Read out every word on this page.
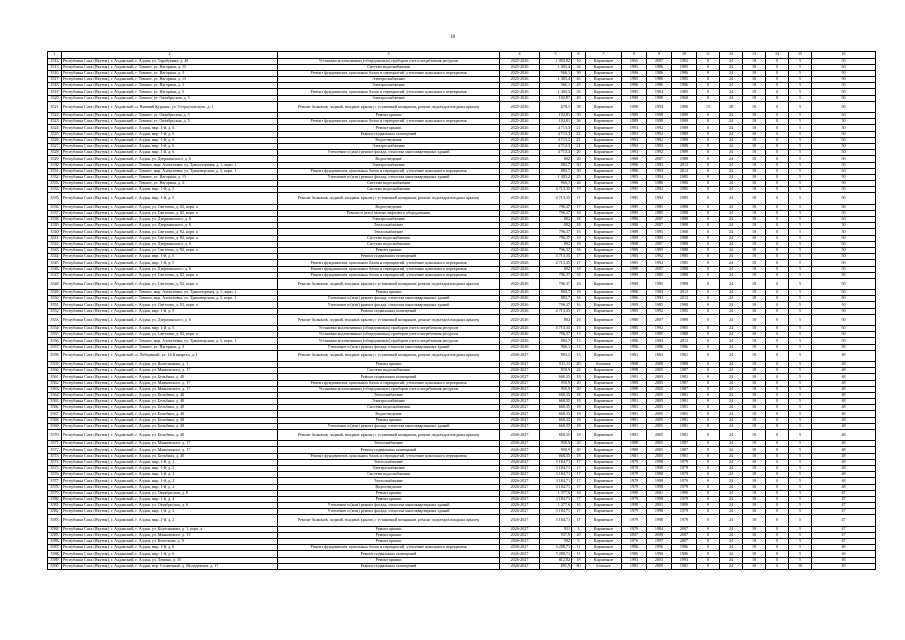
18
1	2	3	4	5	6	7	8	9	10	11	12	13	14	15	16
3514	Республика Саха (Якутия), г. Алданский, г. Алдан, ул. Тарабукина, д. 48	Установка коллективных (общедомовых) приборов учета потребления ресурсов	2025-2026	1 003,82	10	Кирпичное	1965	2007	1965	0	24	18	0	5	50
3515	Республика Саха (Якутия), г. Алданский, г. Томмот, ул. Нагорная, д. 15	Система водоснабжения	2025-2026	1 403,4	34	Кирпичное	1985	1986	1985	0	24	18	0	5	50
3516	Республика Саха (Якутия), г. Алданский, г. Томмот, ул. Нагорная, д. 3	Ремонт фундаментов, цокольных балок и перекрытий, утепление цокольного перекрытия	2025-2026	966,1	39	Кирпичное	1986	1986	1986	0	24	18	0	5	50
3517	Республика Саха (Якутия), г. Алданский, г. Томмот, ул. Нагорная, д. 15	Электроснабжение	2025-2026	1 403,4	45	Кирпичное	1985	1986	1985	0	24	18	0	5	50
3518	Республика Саха (Якутия), г. Алданский, г. Томмот, ул. Нагорная, д. 3	Электроснабжение	2025-2026	966,1	45	Кирпичное	1986	1986	1986	0	24	18	0	5	50
3519	Республика Саха (Якутия), г. Алданский, г. Томмот, ул. Нагорная, д. 5	Ремонт фундаментов, цокольных балок и перекрытий, утепление цокольного перекрытия	2025-2026	1 403,2	35	Кирпичное	1985	1994	1985	0	24	18	0	5	50
3520	Республика Саха (Якутия), г. Алданский, г. Томмот, ул. Октябрьская, д. 5	Электроснабжение	2025-2026	192,81	49	Кирпичное	1989	1998	1968	0	24	18	0	5	50
3521	Республика Саха (Якутия), г. Алданский, п. Нижний Куранах, ул. Остроуховского, д. 1	Ремонт балконов, лоджий, входных крылец с установкой козырьков, ремонт подъездов входных крылец	2025-2026	678,3	38	Кирпичное	1990	1993	1990	15	28	18	0	5	50
3522	Республика Саха (Якутия), г. Алданский, г. Томмот, ул. Октябрьская, д. 5	Ремонт крыши	2025-2026	192,81	30	Кирпичное	1989	1998	1989	0	24	18	0	5	50
3523	Республика Саха (Якутия), г. Алданский, г. Томмот, ул. Октябрьская, д. 5	Ремонт фундаментов, цокольных балок и перекрытий, утепление цокольного перекрытия	2025-2026	192,81	36	Кирпичное	1989	1998	1989	0	24	18	0	5	50
3524	Республика Саха (Якутия), г. Алданский, г. Алдан, мкр. 1-й, д. 6	Ремонт крыши	2025-2026	4 713,3	21	Кирпичное	1993	1992	1989	0	24	18	0	5	50
3525	Республика Саха (Якутия), г. Алданский, г. Алдан, мкр. 1-й, д. 6	Ремонт подвальных помещений	2025-2026	4 713,3	22	Кирпичное	1993	1992	1989	0	24	18	0	5	50
3526	Республика Саха (Якутия), г. Алданский, г. Алдан, мкр. 1-й, д. 6	Водоотведение	2025-2026	4 713,3	21	Кирпичное	1993	1992	1989	0	24	18	0	5	50
3527	Республика Саха (Якутия), г. Алданский, г. Алдан, мкр. 1-й, д. 6	Электроснабжение	2025-2026	4 713,3	21	Кирпичное	1993	1992	1989	0	24	18	0	5	50
3528	Республика Саха (Якутия), г. Алданский, г. Алдан, мкр. 1-й, д. 6	Утепление и (или) ремонт фасада, отмостка многоквартирных зданий	2025-2026	4 713,3	20	Кирпичное	1993	1992	1989	0	24	18	0	5	50
3529	Республика Саха (Якутия), г. Алданский, г. Алдан, ул. Дзержинского, д. 6	Водоотведение	2025-2026	802	20	Кирпичное	1988	2007	1988	0	24	18	0	5	50
3530	Республика Саха (Якутия), г. Алданский, г. Томмот, мкр. Алексеевка, ул. Транспортная, д. 5, корп. 1	Электроснабжение	2025-2026	884,7	30	Кирпичное	1986	1983	2013	0	24	18	0	5	50
3531	Республика Саха (Якутия), г. Алданский, г. Томмот, мкр. Алексеевка, ул. Трансверсная, д. 5, корп. 1	Ремонт фундаментов, цокольных балок и перекрытий, утепление цокольного перекрытия	2025-2026	884,7	30	Кирпичное	1986	1993	2013	0	24	18	0	5	50
3532	Республика Саха (Якутия), г. Алданский, г. Томмот, ул. Нагорная, д. 15	Утепление и (или) ремонт фасада, отмостка многоквартирных зданий	2025-2026	1 403,2	25	Кирпичное	1985	1994	1985	0	24	18	0	5	50
3533	Республика Саха (Якутия), г. Алданский, г. Томмот, ул. Нагорная, д. 3	Система водоснабжения	2025-2026	966,1	26	Кирпичное	1986	1986	1986	0	24	18	0	5	50
3534	Республика Саха (Якутия), г. Алданский, г. Алдан, мкр. 1-й, д. 5	Система водоснабжения	2025-2026	4 713,35	19	Кирпичное	1985	1992	1985	0	24	18	0	5	50
3535	Республика Саха (Якутия), г. Алданский, г. Алдан, мкр. 1-й, д. 5	Ремонт балконов, лоджий, входных крылец с установкой козырьков, ремонт подъездов входных крылец	2025-2026	4 713,35	17	Кирпичное	1985	1992	1985	0	24	18	0	5	50
3536	Республика Саха (Якутия), г. Алданский, г. Алдан, ул. Светлова, д. 82, корп. а	Водоотведение	2025-2026	796,37	17	Кирпичное	1989	1985	1988	0	24	18	0	5	50
3537	Республика Саха (Якутия), г. Алданский, г. Алдан, ул. Светлова, д. 82, корп. а	Ремонт и (или) замена лифтового оборудования	2025-2026	796,37	16	Кирпичное	1989	1985	1988	0	24	18	0	5	50
3538	Республика Саха (Якутия), г. Алданский, г. Алдан, ул. Дзержинского, д. 6	Электроснабжение	2025-2026	802	18	Кирпичное	1988	2007	1988	0	24	18	0	5	50
3539	Республика Саха (Якутия), г. Алданский, г. Алдан, ул. Дзержинского, д. 6	Теплоснабжение	2025-2026	802	18	Кирпичное	1988	2007	1988	0	24	18	0	5	50
3540	Республика Саха (Якутия), г. Алданский, г. Алдан, ул. Светлова, д. 82, корп. а	Теплоснабжение	2025-2026	796,37	16	Кирпичное	1989	1985	1988	0	24	18	0	5	50
3541	Республика Саха (Якутия), г. Алданский, г. Алдан, ул. Светлова, д. 82, корп. а	Система водоснабжения	2025-2026	796,37	16	Кирпичное	1989	1985	1988	0	24	18	0	5	50
3542	Республика Саха (Якутия), г. Алданский, г. Алдан, ул. Дзержинского, д. 6	Система водоснабжения	2025-2026	802	16	Кирпичное	1988	2007	1988	0	24	18	0	5	50
3543	Республика Саха (Якутия), г. Алданский, г. Алдан, ул. Светлова, д. 82, корп. а	Ремонт крыши	2025-2026	796,37	16	Кирпичное	1989	1985	1988	0	24	18	0	5	50
3544	Республика Саха (Якутия), г. Алданский, г. Алдан, мкр. 1-й, д. 5	Ремонт подвальных помещений	2025-2026	4 713,35	17	Кирпичное	1985	1992	1985	0	24	18	0	5	50
3545	Республика Саха (Якутия), г. Алданский, г. Алдан, мкр. 1-й, д. 5	Ремонт фундаментов, цокольных балок и перекрытий, утепление цокольного перекрытия	2025-2026	4 713,35	17	Кирпичное	1985	1992	1985	0	24	18	0	5	50
3546	Республика Саха (Якутия), г. Алданский, г. Алдан, ул. Дзержинского, д. 6	Ремонт фундаментов, цокольных балок и перекрытий, утепление цокольного перекрытия	2025-2026	802	18	Кирпичное	1988	2007	1988	0	24	18	0	5	50
3547	Республика Саха (Якутия), г. Алданский, г. Алдан, ул. Светлова, д. 82, корп. а	Ремонт фундаментов, цокольных балок и перекрытий, утепление цокольного перекрытия	2025-2026	796,37	16	Кирпичное	1989	1985	1988	0	24	18	0	5	50
3548	Республика Саха (Якутия), г. Алданский, г. Алдан, ул. Светлова, д. 82, корп. а	Ремонт балконов, лоджий, входных крылец с установкой козырьков, ремонт подъездов входных крылец	2025-2026	796,37	16	Кирпичное	1989	1985	1988	0	24	18	0	5	50
3549	Республика Саха (Якутия), г. Алданский, г. Томмот, мкр. Алексеевка, ул. Транспортная, д. 5, корп. 1	Ремонт крыши	2025-2026	884,7	16	Кирпичное	1986	1983	2013	0	24	18	0	5	50
3550	Республика Саха (Якутия), г. Алданский, г. Томмот, мкр. Алексеевка, ул. Трансверсная, д. 5, корп. 1	Утепление и (или) ремонт фасада, отмостка многоквартирных зданий	2025-2026	884,7	16	Кирпичное	1986	1993	2013	0	24	18	0	5	50
3551	Республика Саха (Якутия), г. Алданский, г. Алдан, ул. Светлова, д. 82, корп. а	Утепление и (или) ремонт фасада, отмостка многоквартирных зданий	2025-2026	796,37	16	Кирпичное	1989	1985	1988	0	24	18	0	5	50
3552	Республика Саха (Якутия), г. Алданский, г. Алдан, мкр. 1-й, д. 5	Ремонт подвальных помещений	2025-2026	4 713,35	17	Кирпичное	1985	1992	1985	0	24	18	0	5	50
3553	Республика Саха (Якутия), г. Алданский, г. Алдан, ул. Дзержинского, д. 6	Ремонт балконов, лоджий, входных крылец с установкой козырьков, ремонт подъездов входных крылец	2025-2026	802	16	Кирпичное	1988	2007	1988	0	24	18	0	5	50
3554	Республика Саха (Якутия), г. Алданский, г. Алдан, мкр. 1-й, д. 5	Установка коллективных (общедомовых) приборов учета потребления ресурсов	2025-2026	4 713,35	15	Кирпичное	1985	1992	1985	0	24	18	0	5	50
3555	Республика Саха (Якутия), г. Алданский, г. Алдан, ул. Светлова, д. 82, корп. а	Установка коллективных (общедомовых) приборов учета потребления ресурсов	2025-2026	796,37	13	Кирпичное	1989	1985	1988	0	24	18	0	5	50
3556	Республика Саха (Якутия), г. Алданский, г. Томмот, мкр. Алексеевка, ул. Трансверсная, д. 5, корп. 1	Установка коллективных (общедомовых) приборов учета потребления ресурсов	2025-2026	884,7	13	Кирпичное	1986	1993	2013	0	24	18	0	5	50
3557	Республика Саха (Якутия), г. Алданский, г. Томмот, ул. Нагорная, д. 3	Утепление и (или) ремонт фасада, отмостка многоквартирных зданий	2025-2026	966,1	13	Кирпичное	1986	1986	1986	0	24	18	0	5	50
3558	Республика Саха (Якутия), г. Алданский, п. Лебединый, ул. 14-й квартал, д. 1	Ремонт балконов, лоджий, входных крылец с установкой козырьков, ремонт подъездов входных крылец	2026-2027	993,2	15	Кирпичное	1961	1963	1961	0	24	18	0	5	49
3559	Республика Саха (Якутия), г. Алданский, г. Алдан, ул. Колесникова, д. 1	Ремонт крыши	2026-2027	911,11	20	Блочное	1988	2008	1988	0	24	18	0	5	48
3560	Республика Саха (Якутия), г. Алданский, г. Алдан, ул. Маяковского, д. 17	Система водоснабжения	2026-2027	950,9	24	Кирпичное	1988	2005	1987	0	24	18	0	5	48
3561	Республика Саха (Якутия), г. Алданский, г. Алдан, ул. Бельбика, д. 40	Ремонт подвальных помещений	2026-2027	668,35	18	Кирпичное	1981	2005	1981	0	24	18	0	5	48
3562	Республика Саха (Якутия), г. Алданский, г. Алдан, ул. Маяковского, д. 17	Ремонт фундаментов, цокольных балок и перекрытий, утепление цокольного перекрытия	2026-2027	950,9	20	Кирпичное	1988	2005	1987	0	24	18	0	5	48
3563	Республика Саха (Якутия), г. Алданский, г. Алдан, ул. Маяковского, д. 17	Установка коллективных (общедомовых) приборов учета потребления ресурсов	2026-2027	950,9	20	Кирпичное	1988	2005	1987	0	24	18	0	5	48
3564	Республика Саха (Якутия), г. Алданский, г. Алдан, ул. Бельбика, д. 40	Теплоснабжение	2026-2027	668,35	18	Кирпичное	1981	2005	1981	0	24	18	0	5	48
3565	Республика Саха (Якутия), г. Алданский, г. Алдан, ул. Бельбика, д. 40	Электроснабжение	2026-2027	668,35	18	Кирпичное	1981	2005	1981	0	24	18	0	5	48
3566	Республика Саха (Якутия), г. Алданский, г. Алдан, ул. Бельбика, д. 40	Система водоснабжения	2026-2027	668,35	18	Кирпичное	1981	2005	1981	0	24	18	0	5	48
3567	Республика Саха (Якутия), г. Алданский, г. Алдан, ул. Бельбика, д. 40	Водоотведение	2026-2027	668,35	18	Кирпичное	1981	2005	1981	0	24	18	0	5	48
3568	Республика Саха (Якутия), г. Алданский, г. Алдан, ул. Бельбика, д. 40	Ремонт крыши	2026-2027	668,35	18	Кирпичное	1981	2005	1981	0	24	18	0	5	48
3569	Республика Саха (Якутия), г. Алданский, г. Алдан, ул. Бельбика, д. 40	Утепление и (или) ремонт фасада, отмостка многоквартирных зданий	2026-2027	668,35	18	Кирпичное	1981	2005	1981	0	24	18	0	5	48
3570	Республика Саха (Якутия), г. Алданский, г. Алдан, ул. Бельбика, д. 40	Ремонт балконов, лоджий, входных крылец с установкой козырьков, ремонт подъездов входных крылец	2026-2027	668,35	18	Кирпичное	1981	2005	1981	0	24	18	0	5	48
3571	Республика Саха (Якутия), г. Алданский, г. Алдан, ул. Маяковского, д. 17	Теплоснабжение	2026-2027	950,9	20	Кирпичное	1988	2005	1987	0	24	18	0	5	48
3572	Республика Саха (Якутия), г. Алданский, г. Алдан, ул. Маяковского, д. 17	Ремонт подвальных помещений	2026-2027	950,9	20	Кирпичное	1988	2005	1987	0	24	18	0	5	48
3573	Республика Саха (Якутия), г. Алданский, г. Алдан, ул. Бельбика, д. 40	Ремонт фундаментов, цокольных балок и перекрытий, утепление цокольного перекрытия	2026-2027	668,35	18	Кирпичное	1981	2005	1981	0	24	18	0	5	48
3574	Республика Саха (Якутия), г. Алданский, г. Алдан, мкр. 1-й, д. 2	Теплоснабжение	2026-2027	3 184,71	17	Кирпичное	1979	1998	1979	0	24	18	0	5	48
3575	Республика Саха (Якутия), г. Алданский, г. Алдан, мкр. 1-й, д. 2	Электроснабжение	2026-2027	3 184,71	17	Кирпичное	1979	1998	1979	0	24	18	0	5	48
3576	Республика Саха (Якутия), г. Алданский, г. Алдан, мкр. 1-й, д. 2	Система водоснабжения	2026-2027	3 184,71	17	Кирпичное	1979	1998	1979	0	24	18	0	5	48
3577	Республика Саха (Якутия), г. Алданский, г. Алдан, мкр. 1-й, д. 2	Теплоснабжение	2026-2027	3 184,71	17	Кирпичное	1979	1998	1979	0	24	18	0	5	48
3578	Республика Саха (Якутия), г. Алданский, г. Алдан, мкр. 1-й, д. 2	Водоотведение	2026-2027	3 184,71	17	Кирпичное	1979	1998	1979	0	24	18	0	5	48
3579	Республика Саха (Якутия), г. Алданский, г. Алдан, ул. Октябрьская, д. 6	Ремонт крыши	2026-2027	1 377,6	16	Кирпичное	1990	2001	1990	0	24	18	0	5	47
3580	Республика Саха (Якутия), г. Алданский, г. Алдан, мкр. 1-й, д. 2	Ремонт крыши	2026-2027	3 184,71	17	Кирпичное	1979	1998	1979	0	24	18	0	5	47
3581	Республика Саха (Якутия), г. Алданский, г. Алдан, ул. Октябрьская, д. 6	Утепление и (или) ремонт фасада, отмостка многоквартирных зданий	2026-2027	1 377,6	16	Кирпичное	1990	2001	1990	0	24	18	0	5	47
3582	Республика Саха (Якутия), г. Алданский, г. Алдан, мкр. 1-й, д. 2	Утепление и (или) ремонт фасада, отмостка многоквартирных зданий	2026-2027	3 184,71	17	Кирпичное	1979	1998	1979	0	24	18	0	5	47
3583	Республика Саха (Якутия), г. Алданский, г. Алдан, мкр. 1-й, д. 2	Ремонт балконов, лоджий, входных крылец с установкой козырьков, ремонт подъездов входных крылец	2026-2027	3 184,71	17	Кирпичное	1979	1998	1979	0	24	18	0	5	47
3584	Республика Саха (Якутия), г. Алданский, г. Алдан, ул. Колесникова, д. 1, корп. а	Ремонт крыши	2026-2027	931	3	Кирпичное	1979	1984	2007	0	24	18	0	5	47
3585	Республика Саха (Якутия), г. Алданский, г. Алдан, ул. Маяковского, д. 15	Ремонт крыши	2026-2027	937,9	20	Кирпичное	2007	2008	2007	0	24	18	0	5	47
3586	Республика Саха (Якутия), г. Алданский, г. Алдан, ул. Кочеткова, д. 9	Ремонт крыши	2026-2027	902	5	Кирпичное	1976	1997	2007	0	24	18	0	5	47
3587	Республика Саха (Якутия), г. Алданский, г. Алдан, мкр. 1-й, д. 6	Ремонт фундаментов, цокольных балок и перекрытий, утепление цокольного перекрытия	2026-2027	5 288,71	11	Кирпичное	1986	1996	1986	0	24	18	0	5	46
3588	Республика Саха (Якутия), г. Алданский, г. Алдан, мкр. 1-й, д. 6	Ремонт подвальных помещений	2026-2027	5 288,71	11	Кирпичное	1986	1996	1986	0	24	18	0	5	46
3589	Республика Саха (Якутия), г. Алданский, г. Алдан, ул. Ленина, д. 35	Ремонт крыши	2026-2027	812,82	18	Кирпичное	1993	2003	1993	0	24	18	0	5	46
3590	Республика Саха (Якутия), г. Алданский, г. Алдан, пер. Солнечный, д. Молодёжная, д. 17	Ремонт подвальных помещений	2026-2027	891,9	80	Блочное	1981	2009	1981	0	24	18	0	10	45
